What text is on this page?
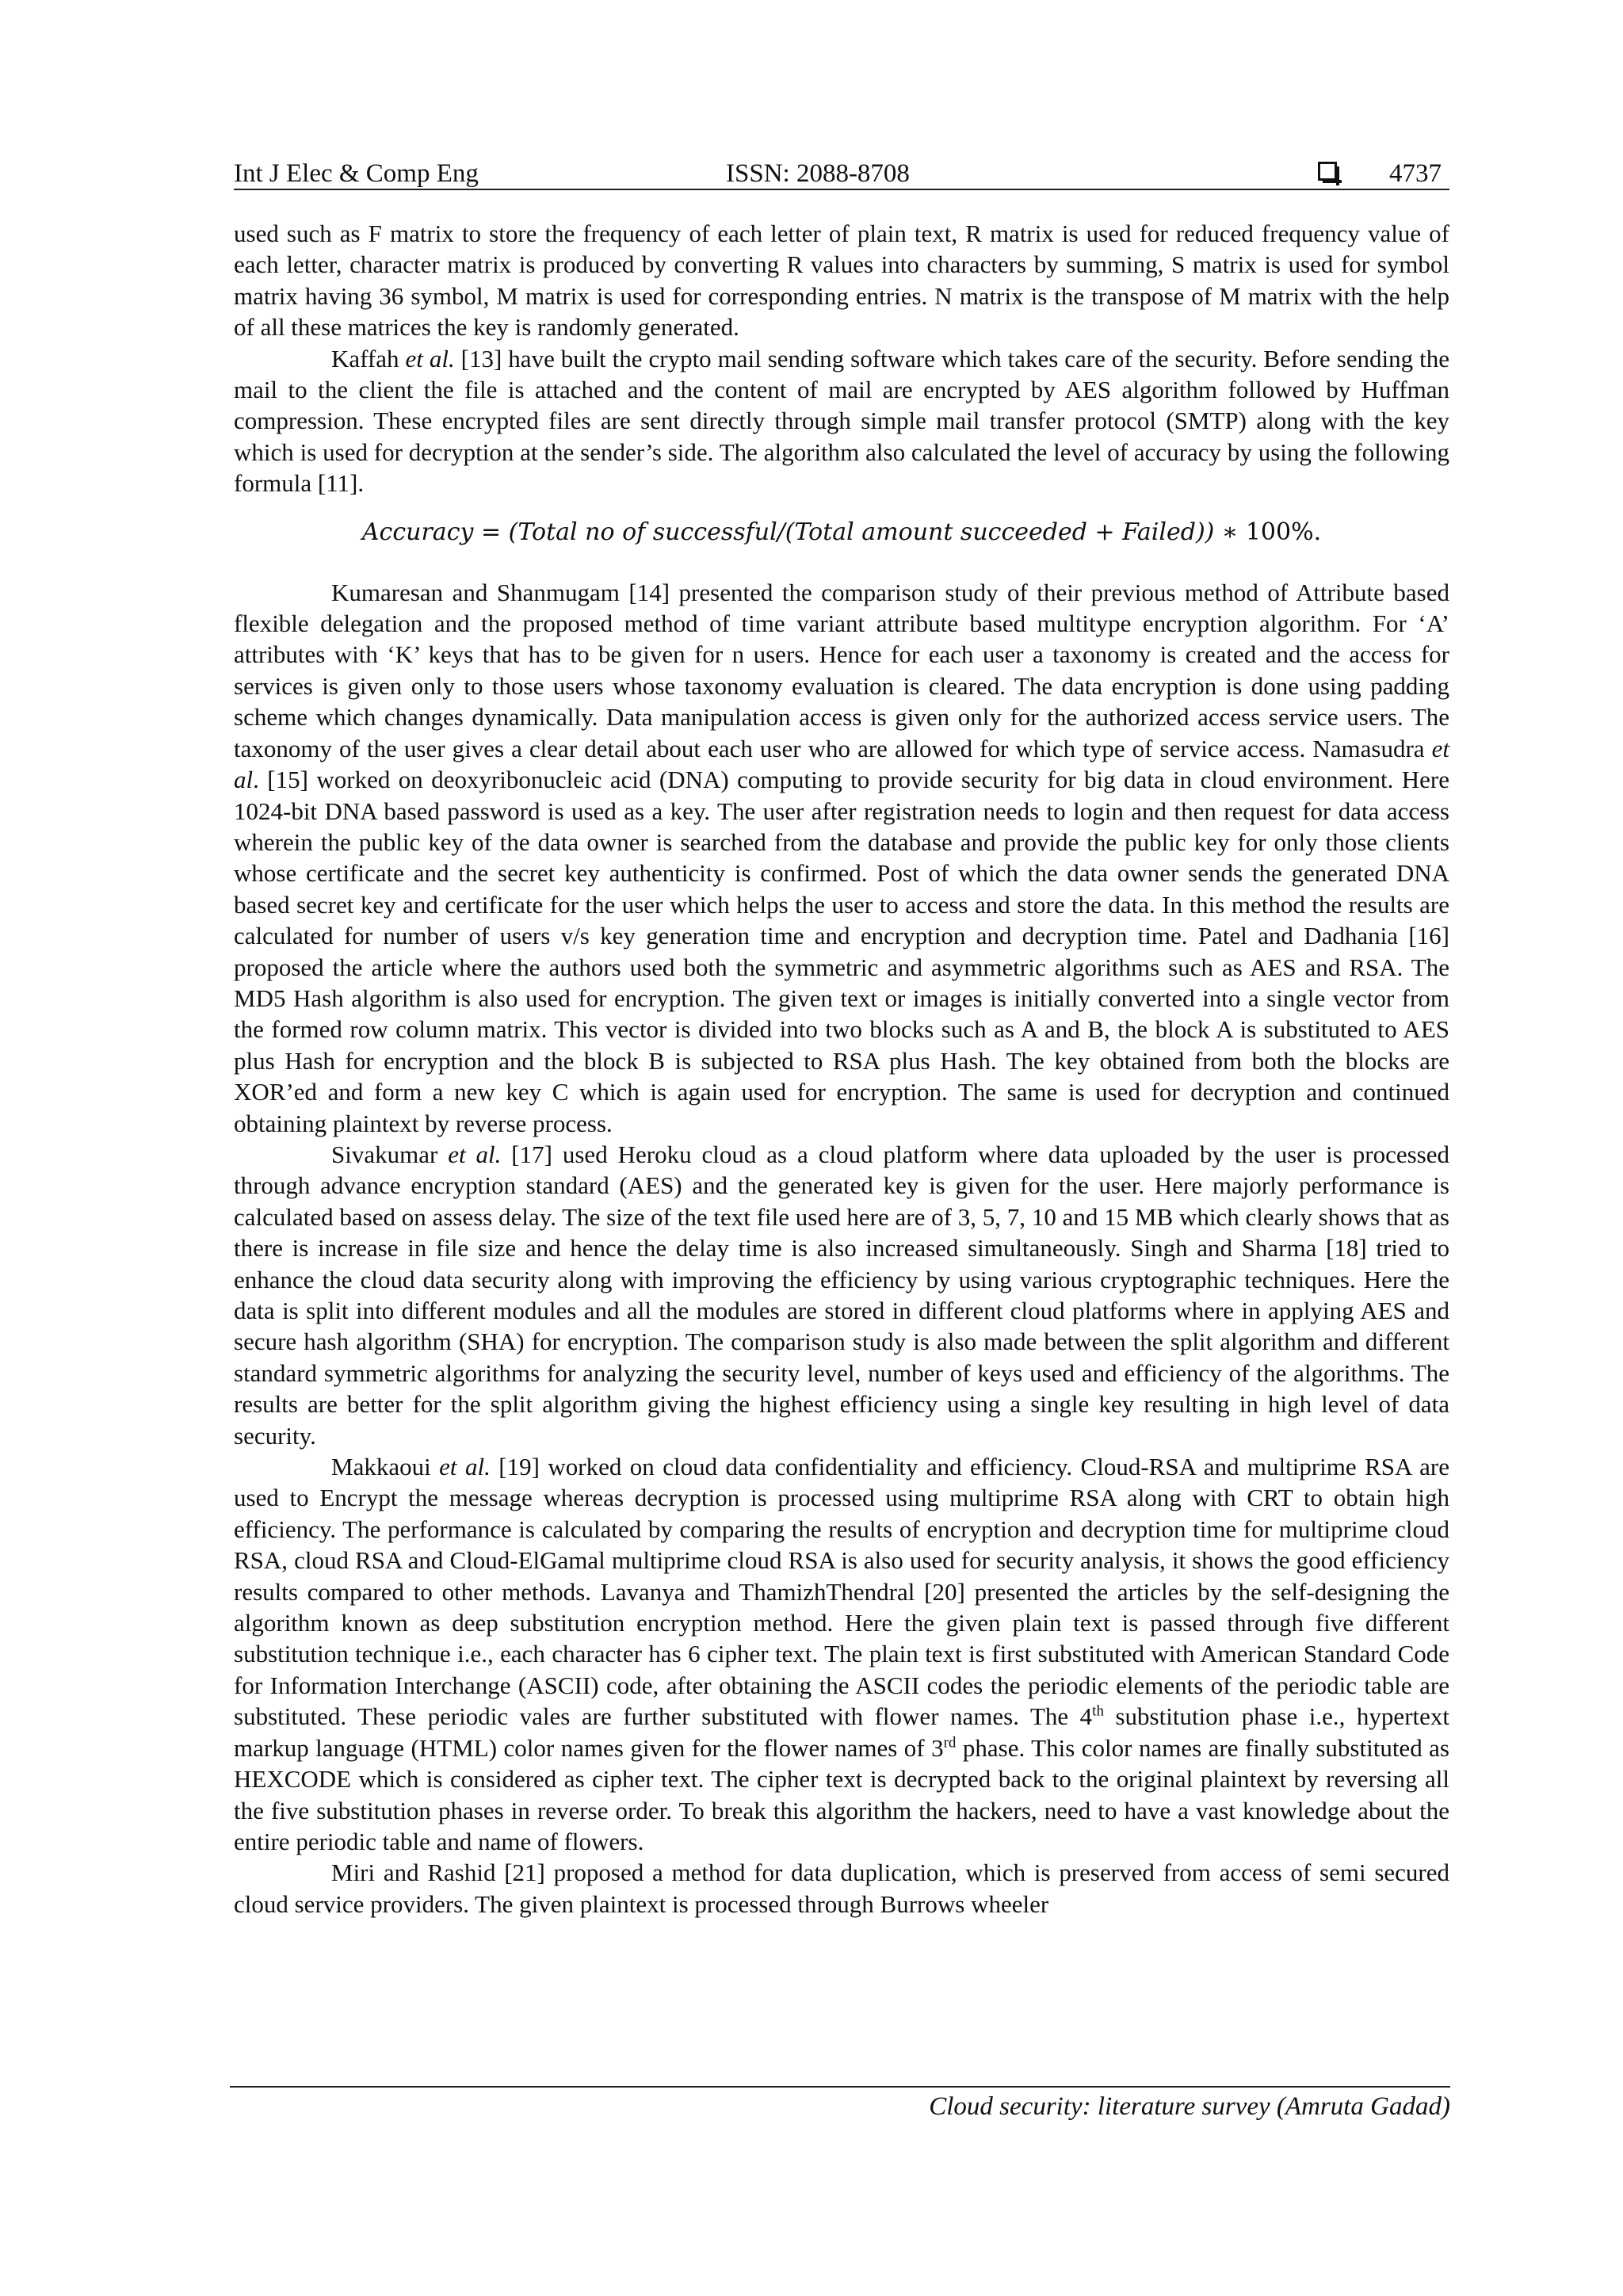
Int J Elec & Comp Eng	ISSN: 2088-8708	4737

used such as F matrix to store the frequency of each letter of plain text, R matrix is used for reduced frequency value of each letter, character matrix is produced by converting R values into characters by summing, S matrix is used for symbol matrix having 36 symbol, M matrix is used for corresponding entries. N matrix is the transpose of M matrix with the help of all these matrices the key is randomly generated.

Kaffah et al. [13] have built the crypto mail sending software which takes care of the security. Before sending the mail to the client the file is attached and the content of mail are encrypted by AES algorithm followed by Huffman compression. These encrypted files are sent directly through simple mail transfer protocol (SMTP) along with the key which is used for decryption at the sender’s side. The algorithm also calculated the level of accuracy by using the following formula [11].

Accuracy = (Total no of successful/(Total amount succeeded + Failed)) ∗ 100%.

Kumaresan and Shanmugam [14] presented the comparison study of their previous method of Attribute based flexible delegation and the proposed method of time variant attribute based multitype encryption algorithm. For ‘A’ attributes with ‘K’ keys that has to be given for n users. Hence for each user a taxonomy is created and the access for services is given only to those users whose taxonomy evaluation is cleared. The data encryption is done using padding scheme which changes dynamically. Data manipulation access is given only for the authorized access service users. The taxonomy of the user gives a clear detail about each user who are allowed for which type of service access. Namasudra et al. [15] worked on deoxyribonucleic acid (DNA) computing to provide security for big data in cloud environment. Here 1024-bit DNA based password is used as a key. The user after registration needs to login and then request for data access wherein the public key of the data owner is searched from the database and provide the public key for only those clients whose certificate and the secret key authenticity is confirmed. Post of which the data owner sends the generated DNA based secret key and certificate for the user which helps the user to access and store the data. In this method the results are calculated for number of users v/s key generation time and encryption and decryption time. Patel and Dadhania [16] proposed the article where the authors used both the symmetric and asymmetric algorithms such as AES and RSA. The MD5 Hash algorithm is also used for encryption. The given text or images is initially converted into a single vector from the formed row column matrix. This vector is divided into two blocks such as A and B, the block A is substituted to AES plus Hash for encryption and the block B is subjected to RSA plus Hash. The key obtained from both the blocks are XOR’ed and form a new key C which is again used for encryption. The same is used for decryption and continued obtaining plaintext by reverse process.

Sivakumar et al. [17] used Heroku cloud as a cloud platform where data uploaded by the user is processed through advance encryption standard (AES) and the generated key is given for the user. Here majorly performance is calculated based on assess delay. The size of the text file used here are of 3, 5, 7, 10 and 15 MB which clearly shows that as there is increase in file size and hence the delay time is also increased simultaneously. Singh and Sharma [18] tried to enhance the cloud data security along with improving the efficiency by using various cryptographic techniques. Here the data is split into different modules and all the modules are stored in different cloud platforms where in applying AES and secure hash algorithm (SHA) for encryption. The comparison study is also made between the split algorithm and different standard symmetric algorithms for analyzing the security level, number of keys used and efficiency of the algorithms. The results are better for the split algorithm giving the highest efficiency using a single key resulting in high level of data security.

Makkaoui et al. [19] worked on cloud data confidentiality and efficiency. Cloud-RSA and multiprime RSA are used to Encrypt the message whereas decryption is processed using multiprime RSA along with CRT to obtain high efficiency. The performance is calculated by comparing the results of encryption and decryption time for multiprime cloud RSA, cloud RSA and Cloud-ElGamal multiprime cloud RSA is also used for security analysis, it shows the good efficiency results compared to other methods. Lavanya and ThamizhThendral [20] presented the articles by the self-designing the algorithm known as deep substitution encryption method. Here the given plain text is passed through five different substitution technique i.e., each character has 6 cipher text. The plain text is first substituted with American Standard Code for Information Interchange (ASCII) code, after obtaining the ASCII codes the periodic elements of the periodic table are substituted. These periodic vales are further substituted with flower names. The 4th substitution phase i.e., hypertext markup language (HTML) color names given for the flower names of 3rd phase. This color names are finally substituted as HEXCODE which is considered as cipher text. The cipher text is decrypted back to the original plaintext by reversing all the five substitution phases in reverse order. To break this algorithm the hackers, need to have a vast knowledge about the entire periodic table and name of flowers.

Miri and Rashid [21] proposed a method for data duplication, which is preserved from access of semi secured cloud service providers. The given plaintext is processed through Burrows wheeler

Cloud security: literature survey (Amruta Gadad)
